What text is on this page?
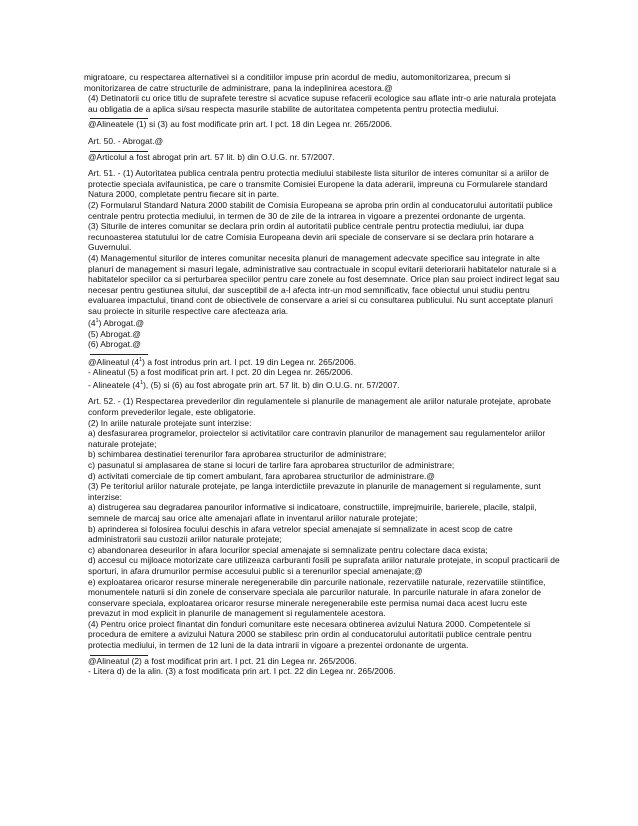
migratoare, cu respectarea alternativei si a conditiilor impuse prin acordul de mediu, automonitorizarea, precum si monitorizarea de catre structurile de administrare, pana la indeplinirea acestora.@

(4) Detinatorii cu orice titlu de suprafete terestre si acvatice supuse refacerii ecologice sau aflate intr-o arie naturala protejata au obligatia de a aplica si/sau respecta masurile stabilite de autoritatea competenta pentru protectia mediului.

@Alineatele (1) si (3) au fost modificate prin art. I pct. 18 din Legea nr. 265/2006.

Art. 50. - Abrogat.@

@Articolul a fost abrogat prin art. 57 lit. b) din O.U.G. nr. 57/2007.

Art. 51. - (1) Autoritatea publica centrala pentru protectia mediului stabileste lista siturilor de interes comunitar si a ariilor de protectie speciala avifaunistica, pe care o transmite Comisiei Europene la data aderarii, impreuna cu Formularele standard Natura 2000, completate pentru fiecare sit in parte.

(2) Formularul Standard Natura 2000 stabilit de Comisia Europeana se aproba prin ordin al conducatorului autoritatii publice centrale pentru protectia mediului, in termen de 30 de zile de la intrarea in vigoare a prezentei ordonante de urgenta.

(3) Siturile de interes comunitar se declara prin ordin al autoritatii publice centrale pentru protectia mediului, iar dupa recunoasterea statutului lor de catre Comisia Europeana devin arii speciale de conservare si se declara prin hotarare a Guvernului.

(4) Managementul siturilor de interes comunitar necesita planuri de management adecvate specifice sau integrate in alte planuri de management si masuri legale, administrative sau contractuale in scopul evitarii deteriorarii habitatelor naturale si a habitatelor speciilor ca si perturbarea speciilor pentru care zonele au fost desemnate. Orice plan sau proiect indirect legat sau necesar pentru gestiunea sitului, dar susceptibil de a-l afecta intr-un mod semnificativ, face obiectul unui studiu pentru evaluarea impactului, tinand cont de obiectivele de conservare a ariei si cu consultarea publicului. Nu sunt acceptate planuri sau proiecte in siturile respective care afecteaza aria.

$(4^1)$ Abrogat.@

(5) Abrogat.@

(6) Abrogat.@

@Alineatul $(4^1)$ a fost introdus prin art. I pct. 19 din Legea nr. 265/2006.

- Alineatul (5) a fost modificat prin art. I pct. 20 din Legea nr. 265/2006.

- Alineatele $(4^1)$, (5) si (6) au fost abrogate prin art. 57 lit. b) din O.U.G. nr. 57/2007.

Art. 52. - (1) Respectarea prevederilor din regulamentele si planurile de management ale ariilor naturale protejate, aprobate conform prevederilor legale, este obligatorie.

(2) In ariile naturale protejate sunt interzise:

a) desfasurarea programelor, proiectelor si activitatilor care contravin planurilor de management sau regulamentelor ariilor naturale protejate;

b) schimbarea destinatiei terenurilor fara aprobarea structurilor de administrare;

c) pasunatul si amplasarea de stane si locuri de tarlire fara aprobarea structurilor de administrare;

d) activitati comerciale de tip comert ambulant, fara aprobarea structurilor de administrare.@

(3) Pe teritoriul ariilor naturale protejate, pe langa interdictiile prevazute in planurile de management si regulamente, sunt interzise:

a) distrugerea sau degradarea panourilor informative si indicatoare, constructiile, imprejmuirile, barierele, placile, stalpii, semnele de marcaj sau orice alte amenajari aflate in inventarul ariilor naturale protejate;

b) aprinderea si folosirea focului deschis in afara vetrelor special amenajate si semnalizate in acest scop de catre administratorii sau custozii ariilor naturale protejate;

c) abandonarea deseurilor in afara locurilor special amenajate si semnalizate pentru colectare daca exista;

d) accesul cu mijloace motorizate care utilizeaza carburanti fosili pe suprafata ariilor naturale protejate, in scopul practicarii de sporturi, in afara drumurilor permise accesului public si a terenurilor special amenajate;@

e) exploatarea oricaror resurse minerale neregenerabile din parcurile nationale, rezervatiile naturale, rezervatiile stiintifice, monumentele naturii si din zonele de conservare speciala ale parcurilor naturale. In parcurile naturale in afara zonelor de conservare speciala, exploatarea oricaror resurse minerale neregenerabile este permisa numai daca acest lucru este prevazut in mod explicit in planurile de management si regulamentele acestora.

(4) Pentru orice proiect finantat din fonduri comunitare este necesara obtinerea avizului Natura 2000. Competentele si procedura de emitere a avizului Natura 2000 se stabilesc prin ordin al conducatorului autoritatii publice centrale pentru protectia mediului, in termen de 12 luni de la data intrarii in vigoare a prezentei ordonante de urgenta.

@Alineatul (2) a fost modificat prin art. I pct. 21 din Legea nr. 265/2006.

- Litera d) de la alin. (3) a fost modificata prin art. I pct. 22 din Legea nr. 265/2006.
